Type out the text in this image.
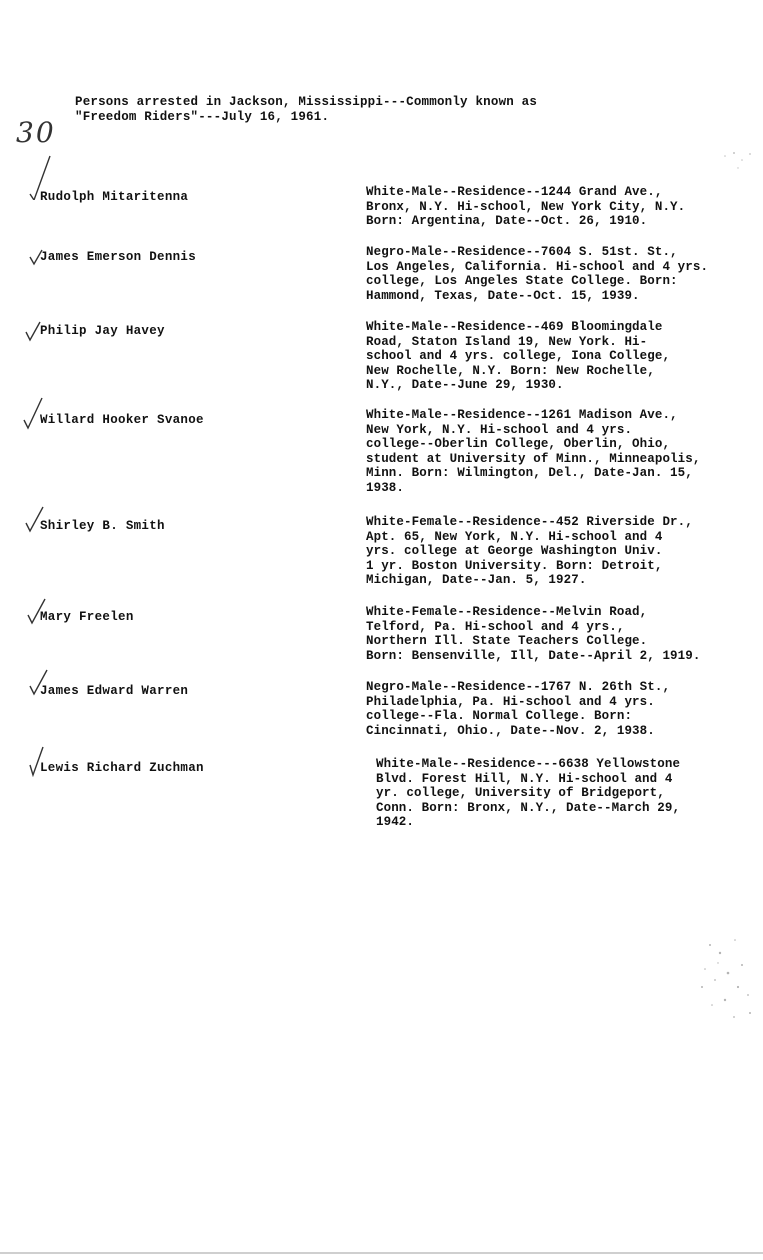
30
Persons arrested in Jackson, Mississippi---Commonly known as
"Freedom Riders"---July 16, 1961.
Rudolph Mitaritenna	White-Male--Residence--1244 Grand Ave.,
Bronx, N.Y. Hi-school, New York City, N.Y.
Born: Argentina, Date--Oct. 26, 1910.
James Emerson Dennis	Negro-Male--Residence--7604 S. 51st. St.,
Los Angeles, California. Hi-school and 4 yrs.
college, Los Angeles State College. Born:
Hammond, Texas, Date--Oct. 15, 1939.
Philip Jay Havey	White-Male--Residence--469 Bloomingdale
Road, Staton Island 19, New York. Hi-
school and 4 yrs. college, Iona College,
New Rochelle, N.Y. Born: New Rochelle,
N.Y., Date--June 29, 1930.
Willard Hooker Svanoe	White-Male--Residence--1261 Madison Ave.,
New York, N.Y. Hi-school and 4 yrs.
college--Oberlin College, Oberlin, Ohio,
student at University of Minn., Minneapolis,
Minn. Born: Wilmington, Del., Date-Jan. 15,
1938.
Shirley B. Smith	White-Female--Residence--452 Riverside Dr.,
Apt. 65, New York, N.Y. Hi-school and 4
yrs. college at George Washington Univ.
1 yr. Boston University. Born: Detroit,
Michigan, Date--Jan. 5, 1927.
Mary Freelen	White-Female--Residence--Melvin Road,
Telford, Pa. Hi-school and 4 yrs.,
Northern Ill. State Teachers College.
Born: Bensenville, Ill, Date--April 2, 1919.
James Edward Warren	Negro-Male--Residence--1767 N. 26th St.,
Philadelphia, Pa. Hi-school and 4 yrs.
college--Fla. Normal College. Born:
Cincinnati, Ohio., Date--Nov. 2, 1938.
Lewis Richard Zuchman	White-Male--Residence---6638 Yellowstone
Blvd. Forest Hill, N.Y. Hi-school and 4
yr. college, University of Bridgeport,
Conn. Born: Bronx, N.Y., Date--March 29,
1942.
